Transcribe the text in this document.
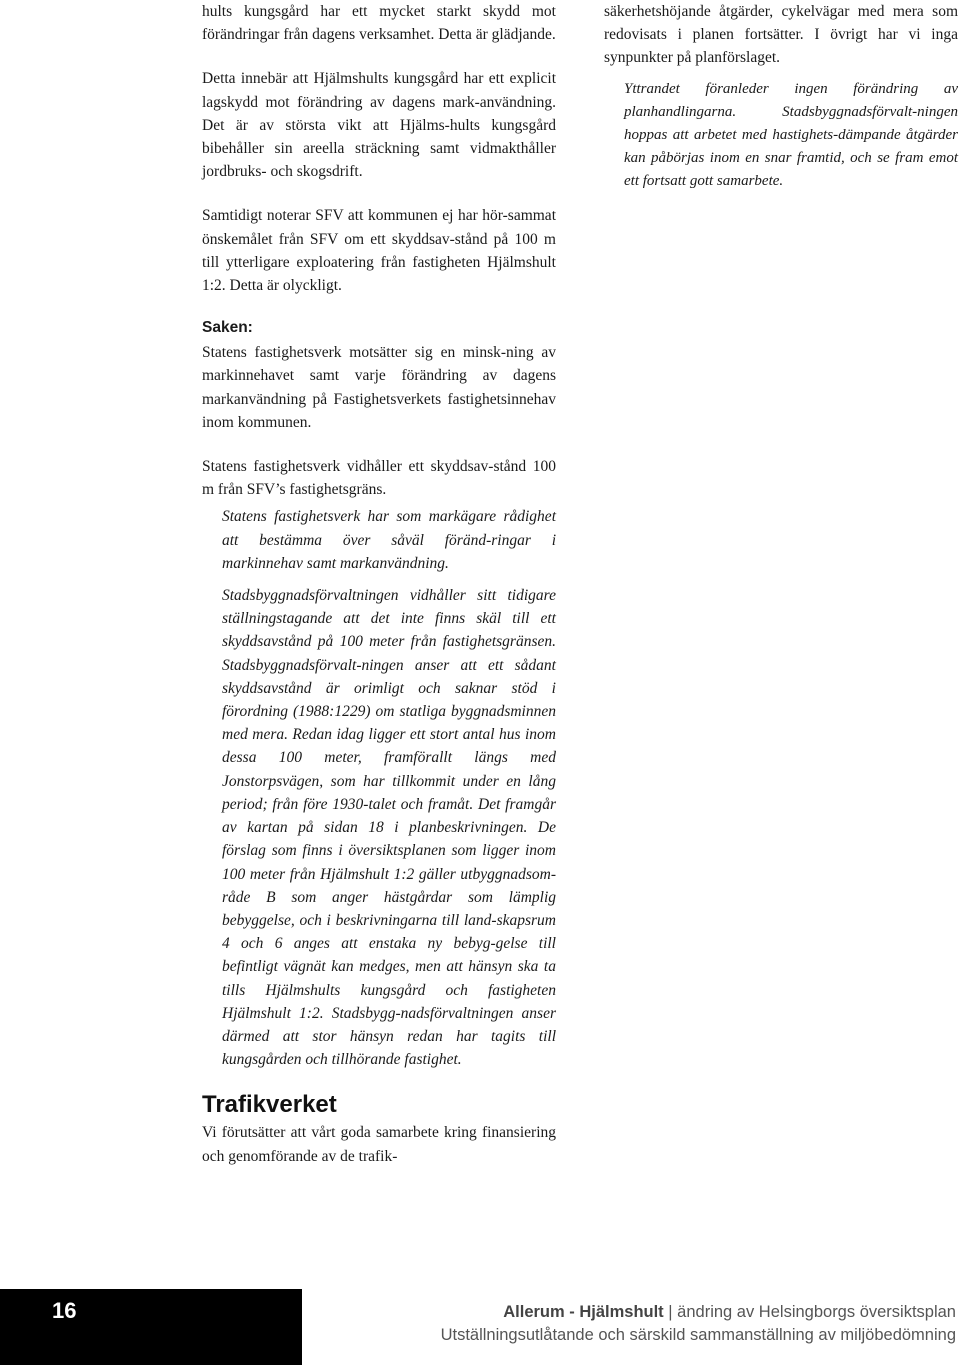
hults kungsgård har ett mycket starkt skydd mot förändringar från dagens verksamhet. Detta är glädjande.

Detta innebär att Hjälmshults kungsgård har ett explicit lagskydd mot förändring av dagens mark-användning. Det är av största vikt att Hjälms-hults kungsgård bibehåller sin areella sträckning samt vidmakthåller jordbruks- och skogsdrift.

Samtidigt noterar SFV att kommunen ej har hör-sammat önskemålet från SFV om ett skyddsav-stånd på 100 m till ytterligare exploatering från fastigheten Hjälmshult 1:2. Detta är olyckligt.

Saken:

Statens fastighetsverk motsätter sig en minsk-ning av markinnehavet samt varje förändring av dagens markanvändning på Fastighetsverkets fastighetsinnehav inom kommunen.

Statens fastighetsverk vidhåller ett skyddsav-stånd 100 m från SFV’s fastighetsgräns.

Statens fastighetsverk har som markägare rådighet att bestämma över såväl föränd-ringar i markinnehav samt markanvändning.

Stadsbyggnadsförvaltningen vidhåller sitt tidigare ställningstagande att det inte finns skäl till ett skyddsavstånd på 100 meter från fastighetsgränsen. Stadsbyggnadsförvalt-ningen anser att ett sådant skyddsavstånd är orimligt och saknar stöd i förordning (1988:1229) om statliga byggnadsminnen med mera. Redan idag ligger ett stort antal hus inom dessa 100 meter, framförallt längs med Jonstorpsvägen, som har tillkommit under en lång period; från före 1930-talet och framåt. Det framgår av kartan på sidan 18 i planbeskrivningen. De förslag som finns i översiktsplanen som ligger inom 100 meter från Hjälmshult 1:2 gäller utbyggnadsom-råde B som anger hästgårdar som lämplig bebyggelse, och i beskrivningarna till land-skapsrum 4 och 6 anges att enstaka ny bebyg-gelse till befintligt vägnät kan medges, men att hänsyn ska ta tills Hjälmshults kungsgård och fastigheten Hjälmshult 1:2. Stadsbygg-nadsförvaltningen anser därmed att stor hänsyn redan har tagits till kungsgården och tillhörande fastighet.

Trafikverket

Vi förutsätter att vårt goda samarbete kring finansiering och genomförande av de trafik-

säkerhetshöjande åtgärder, cykelvägar med mera som redovisats i planen fortsätter. I övrigt har vi inga synpunkter på planförslaget.

Yttrandet föranleder ingen förändring av planhandlingarna. Stadsbyggnadsförvalt-ningen hoppas att arbetet med hastighets-dämpande åtgärder kan påbörjas inom en snar framtid, och se fram emot ett fortsatt gott samarbete.

16	Allerum - Hjälmshult | ändring av Helsingborgs översiktsplan
Utställningsutlåtande och särskild sammanställning av miljöbedömning
